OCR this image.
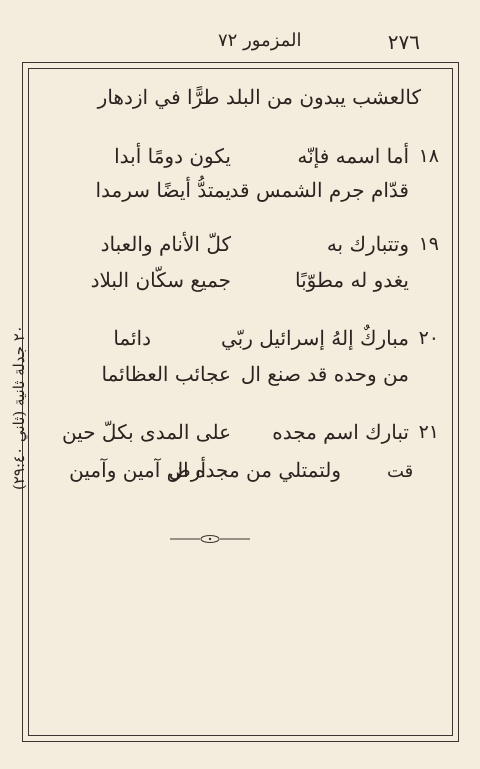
المزمور ٧٢	٢٧٦
كالعشب يبدون من البلد طرًّا في ازدهار
١٨
أما اسمه فإنّه
يكون دومًا أبدا
قدّام جرم الشمس قد
يمتدُّ أيضًا سرمدا
١٩
وتتبارك به
كلّ الأنام والعباد
يغدو له مطوّبًا
جميع سكّان البلاد
٢٠
مباركٌ إلهُ إسرائيل ربّي
دائما
من وحده قد صنع ال
عجائب العظائما
٢١
تبارك اسم مجده
على المدى بكلّ حين
ولتمتلي من مجده ال
أرض آمين وآمين	قت
٢٠ جدلة ثانية (ثاني ٢٩:٤٠)
